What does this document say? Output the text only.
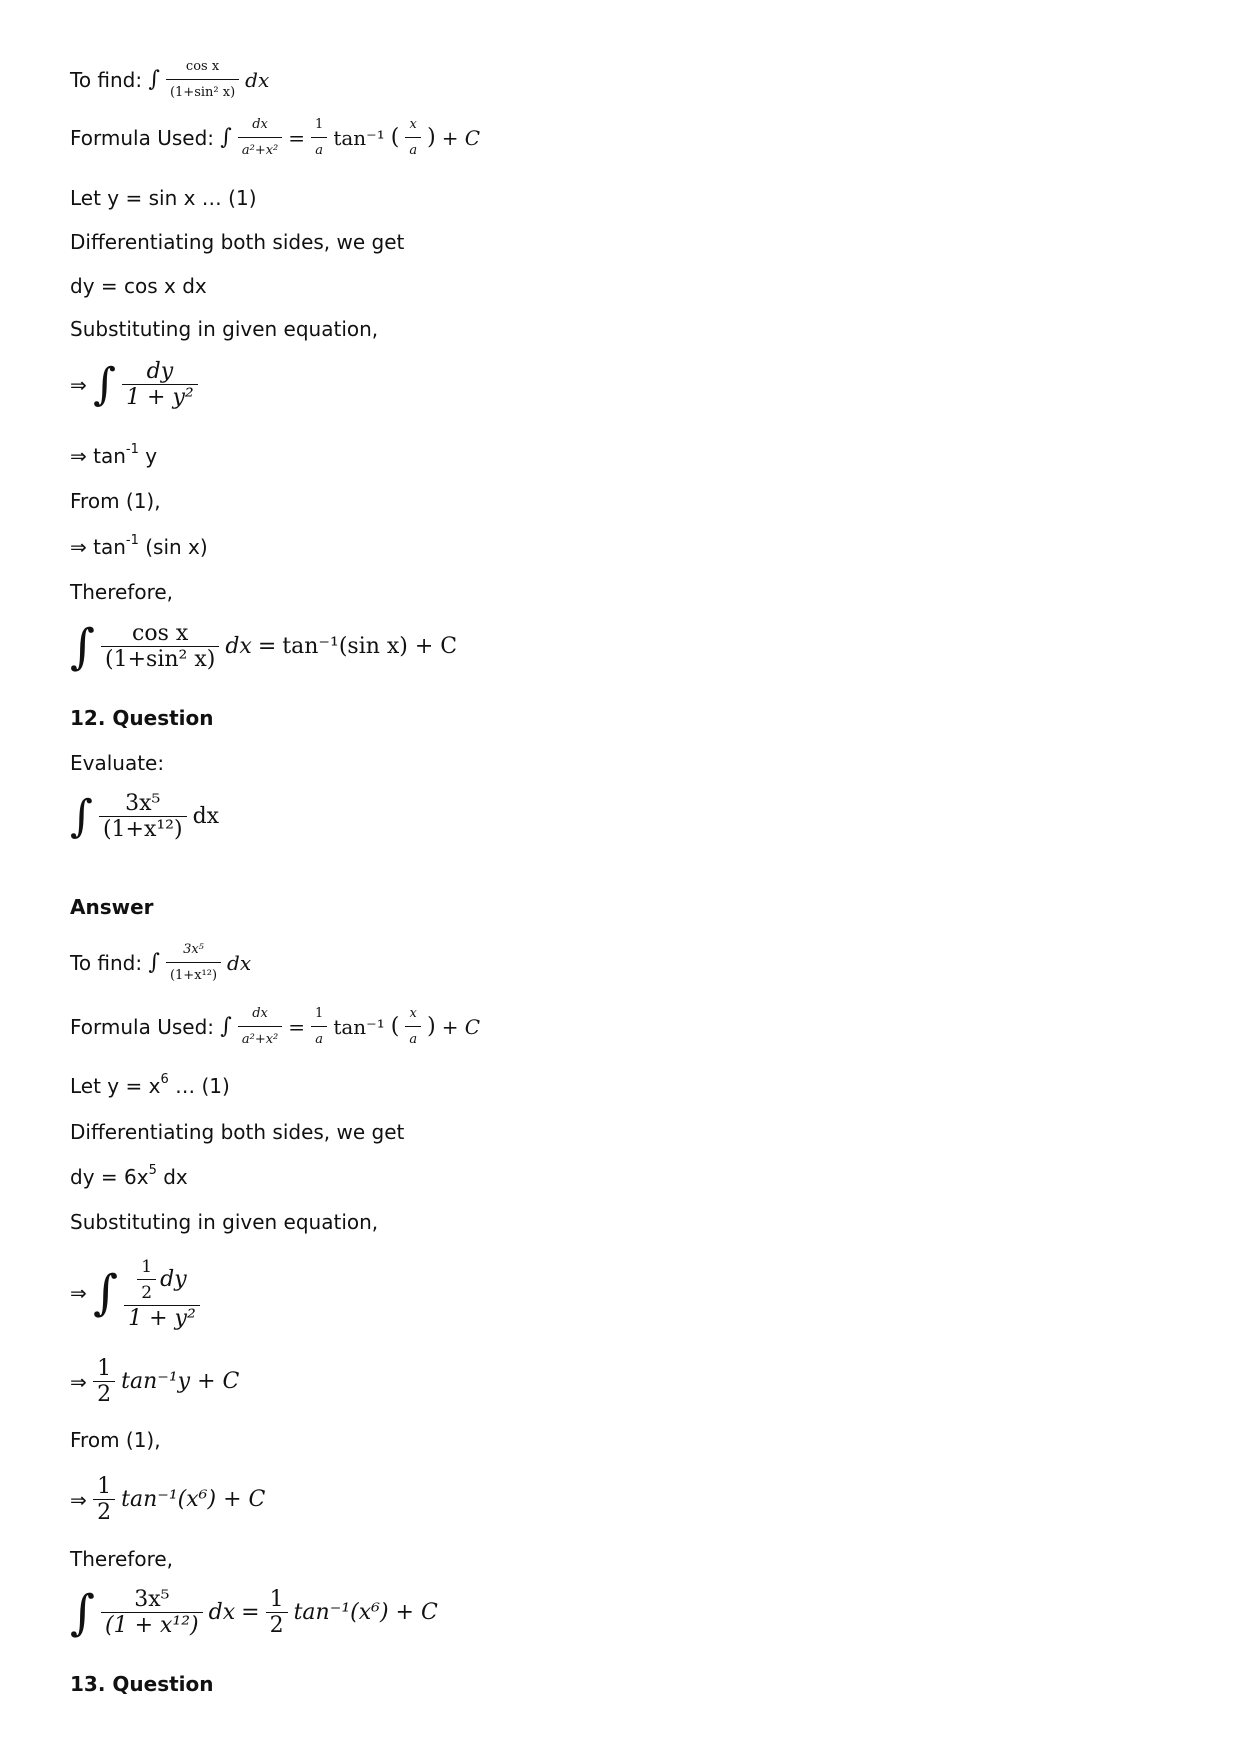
To find: ∫ $\frac{\text{cos x}}{\text{(1+sin² x)}}$ dx
Formula Used: ∫ $\frac{dx}{\text{a²+x²}} = \frac{1}{a} \tan^{-1}$ ( $\frac{x}{a}$ ) + C
Let y = sin x … (1)
Differentiating both sides, we get
dy = cos x dx
Substituting in given equation,
⇒ ∫ $\frac{dy}{\text{1 + y²}}$
⇒ $\tan^{-1} y$
From (1),
⇒ $\tan^{-1} (\sin$ x)
Therefore,
∫ $\frac{\text{cos x}}{\text{(1+sin² x)}}$ dx = tan⁻¹(sin x) + C
12. Question
Evaluate:
∫ $\frac{\text{3x⁵}}{\text{(1+x¹²)}}$ dx
Answer
To find: ∫ $\frac{\text{3x⁵}}{\text{(1+x¹²)}}$ dx
Formula Used: ∫ $\frac{dx}{\text{a²+x²}} = \frac{1}{a} \tan^{-1}$ ( $\frac{x}{a}$ ) + C
Let $y = x^6$ … (1)
Differentiating both sides, we get
dy = $6x^5$ dx
Substituting in given equation,
⇒ ∫ $\frac{\frac{1}{2} dy}{\text{1 + y²}}$
⇒ $\frac{1}{2} \tan^{-1}y + C$
From (1),
⇒ $\frac{1}{2} \tan^{-1}(x^6) + C$
Therefore,
∫ $\frac{\text{3x⁵}}{\text{(1 + x¹²)}}$ dx = $\frac{1}{2} \tan^{-1}(x^6) + C$
13. Question
